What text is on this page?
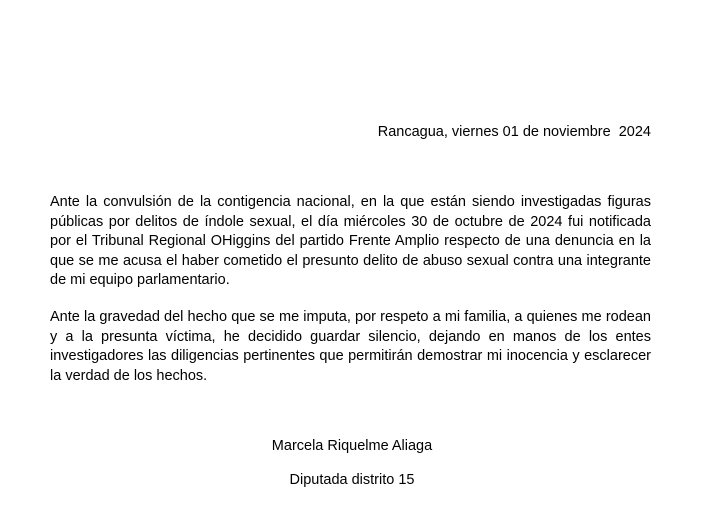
Rancagua, viernes 01 de noviembre  2024

Ante la convulsión de la contigencia nacional, en la que están siendo investigadas figuras públicas por delitos de índole sexual, el día miércoles 30 de octubre de 2024 fui notificada por el Tribunal Regional OHiggins del partido Frente Amplio respecto de una denuncia en la que se me acusa el haber cometido el presunto delito de abuso sexual contra una integrante de mi equipo parlamentario.

Ante la gravedad del hecho que se me imputa, por respeto a mi familia, a quienes me rodean y a la presunta víctima, he decidido guardar silencio, dejando en manos de los entes investigadores las diligencias pertinentes que permitirán demostrar mi inocencia y esclarecer la verdad de los hechos.

Marcela Riquelme Aliaga
Diputada distrito 15
